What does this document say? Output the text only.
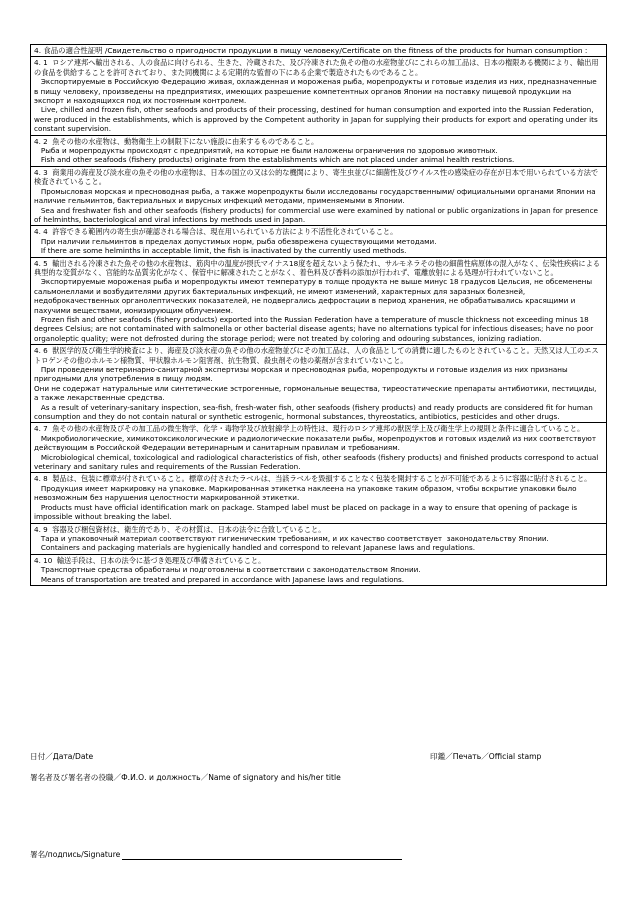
4. 食品の適合性証明 /Свидетельство о пригодности продукции в пищу человеку/Certificate on the fitness of the products for human consumption :
4. 1  ロシア連邦へ輸出される、人の食品に向けられる、生きた、冷蔵された、及び冷凍された魚その他の水産物並びにこれらの加工品は、日本の権限ある機関により、輸出用の食品を供給することを許可されており、また同機関による定期的な監督の下にある企業で製造されたものであること。
Экспортируемые в Российскую Федерацию живая, охлажденная и мороженая рыба, морепродукты и готовые изделия из них, предназначенные в пищу человеку, произведены на предприятиях, имеющих разрешение компетентных органов Японии на поставку пищевой продукции на экспорт и находящихся под их постоянным контролем.
Live, chilled and frozen fish, other seafoods and products of their processing, destined for human consumption and exported into the Russian Federation, were produced in the establishments, which is approved by the Competent authority in Japan for supplying their products for export and operating under its constant supervision.
4. 2  魚その他の水産物は、動物衛生上の制限下にない施設に由来するものであること。
Рыба и морепродукты происходят с предприятий, на которые не были наложены ограничения по здоровью животных.
Fish and other seafoods (fishery products) originate from the establishments which are not placed under animal health restrictions.
4. 3  商業用の海産及び淡水産の魚その他の水産物は、日本の国立の又は公的な機関により、寄生虫並びに細菌性及びウイルス性の感染症の存在が日本で用いられている方法で検査されていること。
Промысловая морская и пресноводная рыба, а также морепродукты были исследованы государственными/ официальными органами Японии на наличие гельминтов, бактериальных и вирусных инфекций методами, применяемыми в Японии.
Sea and freshwater fish and other seafoods (fishery products) for commercial use were examined by national or public organizations in Japan for presence of helminths, bacteriological and viral infections by methods used in Japan.
4. 4  許容できる範囲内の寄生虫が確認される場合は、現在用いられている方法により不活性化されていること。
При наличии гельминтов в пределах допустимых норм, рыба обезврежена существующими методами.
If there are some helminths in acceptable limit, the fish is inactivated by the currently used methods.
4. 5  輸出される冷凍された魚その他の水産物は、筋肉中の温度が摂氏マイナス18度を超えないよう保たれ、サルモネラその他の細菌性病原体の混入がなく、伝染性疾病による典型的な変質がなく、官能的な品質劣化がなく、保管中に解凍されたことがなく、着色料及び香料の添加が行われず、電離放射による処理が行われていないこと。
Экспортируемые мороженая рыба и морепродукты имеют температуру в толще продукта не выше минус 18 градусов Цельсия, не обсеменены сальмонеллами и возбудителями других бактериальных инфекций, не имеют изменений, характерных для заразных болезней, недоброкачественных органолептических показателей, не подвергались дефростации в период хранения, не обрабатывались красящими и пахучими веществами, ионизирующим облучением.
Frozen fish and other seafoods (fishery products) exported into the Russian Federation have a temperature of muscle thickness not exceeding minus 18 degrees Celsius; are not contaminated with salmonella or other bacterial disease agents; have no alternations typical for infectious diseases; have no poor organoleptic quality; were not defrosted during the storage period; were not treated by coloring and odouring substances, ionizing radiation.
4. 6  獣医学的及び衛生学的検査により、海産及び淡水産の魚その他の水産物並びにその加工品は、人の食品としての消費に適したものとされていること。天然又は人工のエストロゲンその他のホルモン様物質、甲状腺ホルモン阻害剤、抗生物質、殺虫剤その他の薬剤が含まれていないこと。
При проведении ветеринарно-санитарной экспертизы морская и пресноводная рыба, морепродукты и готовые изделия из них признаны пригодными для употребления в пищу людям.
Они не содержат натуральные или синтетические эстрогенные, гормональные вещества, тиреостатические препараты антибиотики, пестициды, а также лекарственные средства.
As a result of veterinary-sanitary inspection, sea-fish, fresh-water fish, other seafoods (fishery products) and ready products are considered fit for human consumption and they do not contain natural or synthetic estrogenic, hormonal substances, thyreostatics, antibiotics, pesticides and other drugs.
4. 7  魚その他の水産物及びその加工品の微生物学、化学・毒物学及び放射線学上の特性は、現行のロシア連邦の獣医学上及び衛生学上の規則と条件に適合していること。
Микробиологические, химикотоксикологические и радиологические показатели рыбы, морепродуктов и готовых изделий из них соответствуют действующим в Российской Федерации ветеринарным и санитарным правилам и требованиям.
Microbiological chemical, toxicological and radiological characteristics of fish, other seafoods (fishery products) and finished products correspond to actual veterinary and sanitary rules and requirements of the Russian Federation.
4. 8  製品は、包装に標章が付されていること。標章の付されたラベルは、当該ラベルを毀損することなく包装を開封することが不可能であるように容器に貼付されること。
Продукция имеет маркировку на упаковке. Маркированная этикетка наклеена на упаковке таким образом, чтобы вскрытие упаковки было невозможным без нарушения целостности маркированной этикетки.
Products must have official identification mark on package. Stamped label must be placed on package in a way to ensure that opening of package is impossible without breaking the label.
4. 9  容器及び梱包資材は、衛生的であり、その材質は、日本の法令に合致していること。
Тара и упаковочный материал соответствуют гигиеническим требованиям, и их качество соответствует  законодательству Японии.
Containers and packaging materials are hygienically handled and correspond to relevant Japanese laws and regulations.
4. 10  輸送手段は、日本の法令に基づき処理及び準備されていること。
Транспортные средства обработаны и подготовлены в соответствии с законодательством Японии.
Means of transportation are treated and prepared in accordance with Japanese laws and regulations.
日付／Дата/Date	印鑑／Печать／Official stamp
署名者及び署名者の役職／Ф.И.О. и должность／Name of signatory and his/her title
署名/подпись/Signature
